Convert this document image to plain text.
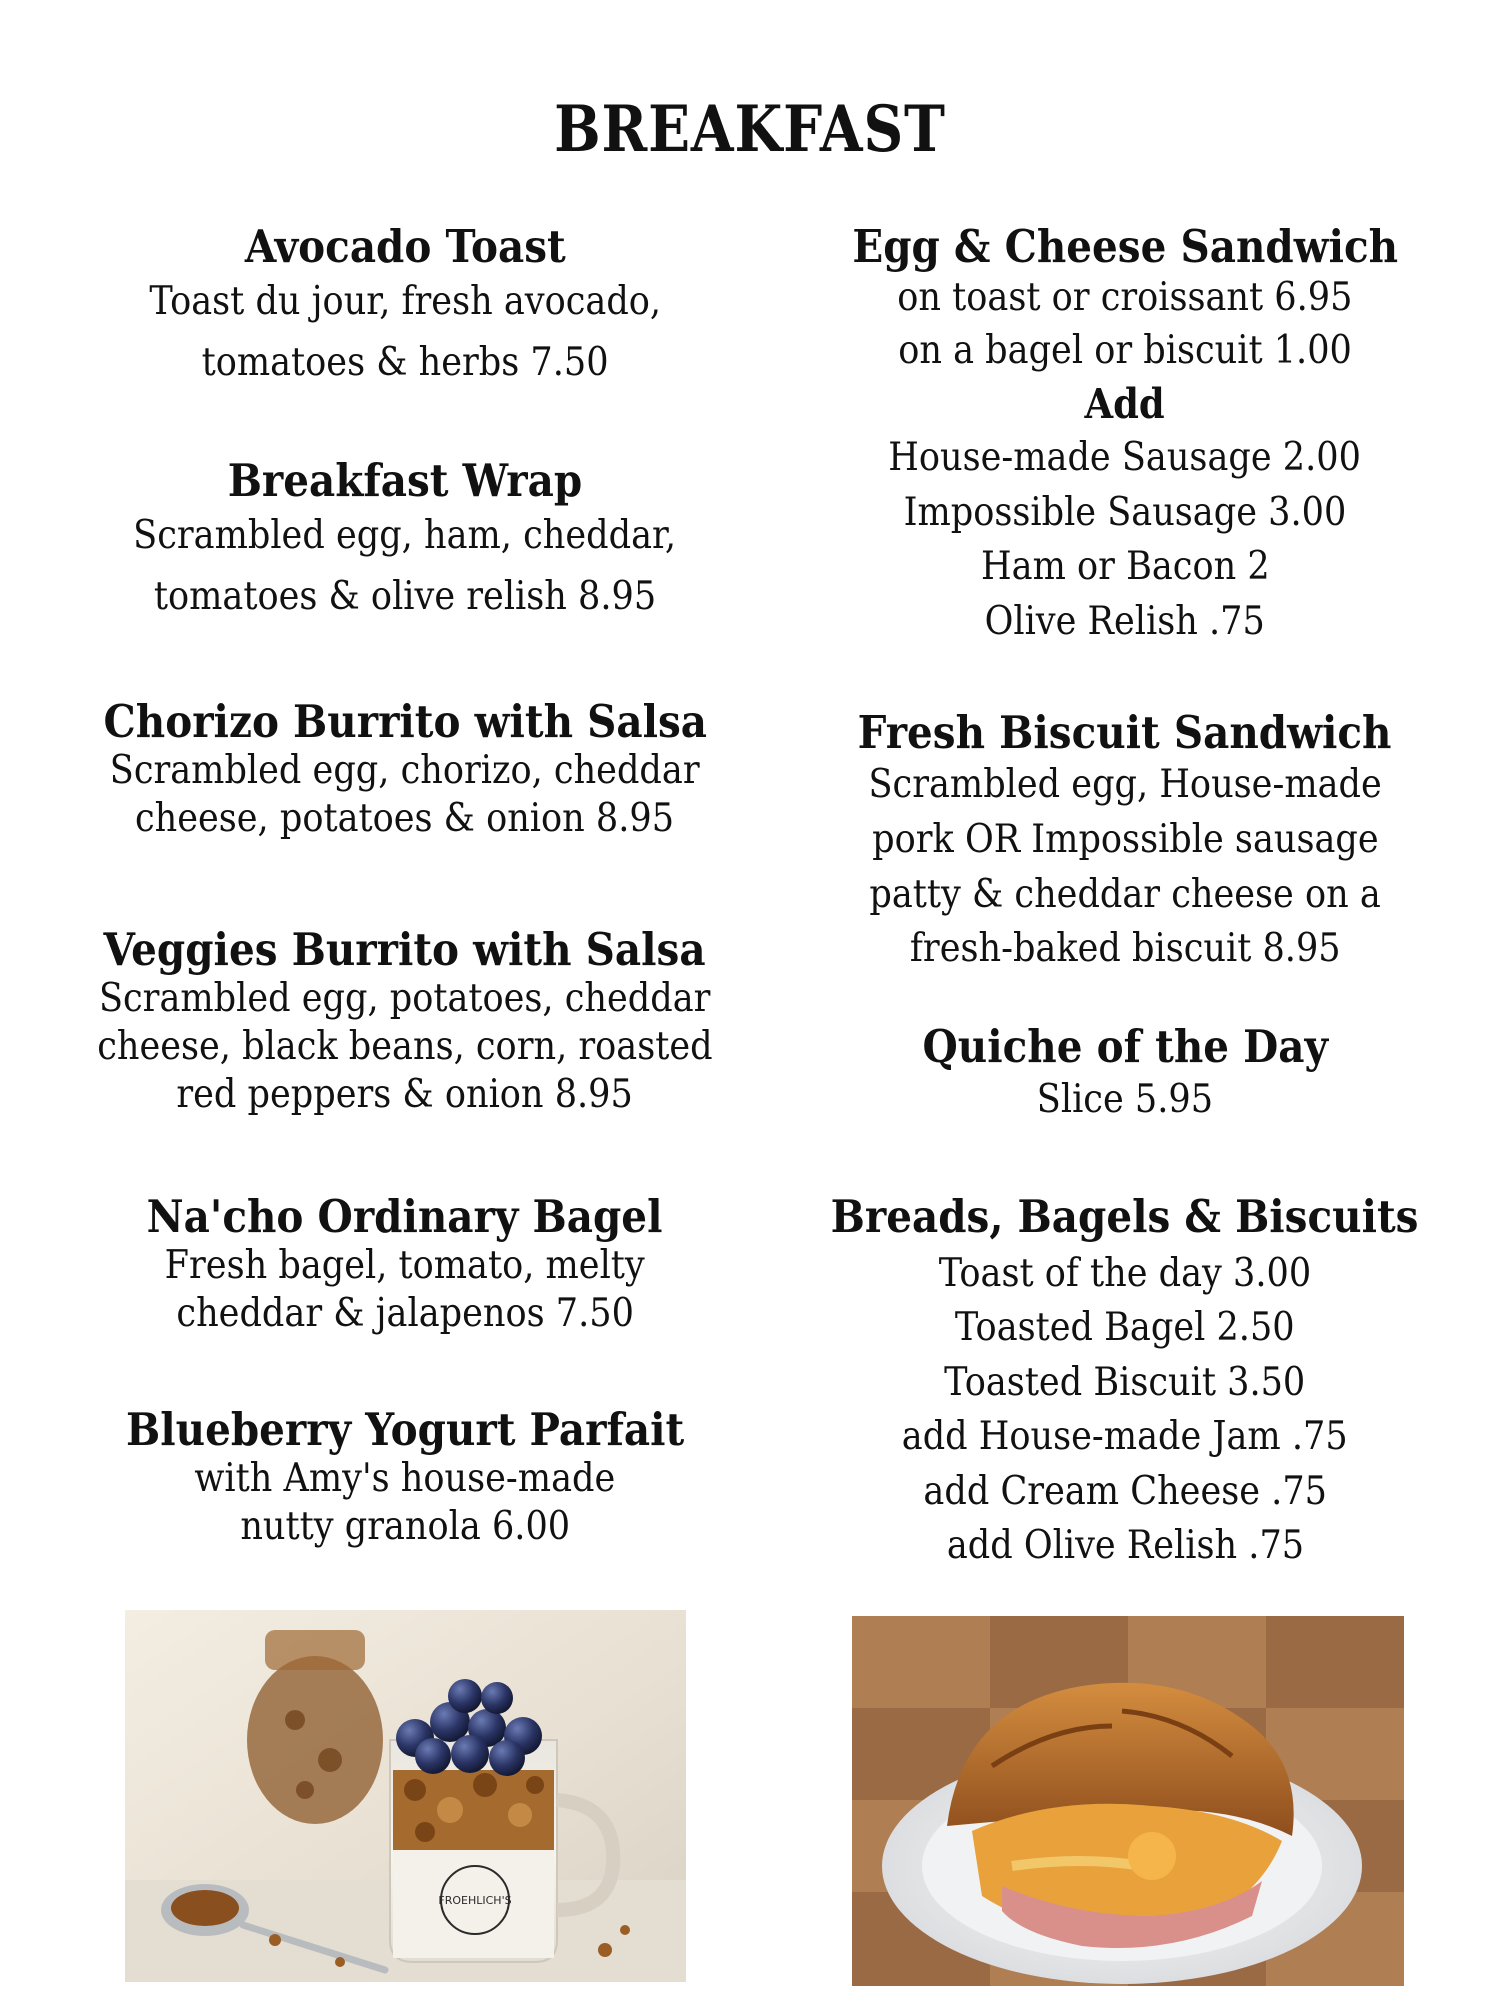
BREAKFAST
Avocado Toast
Toast du jour, fresh avocado,
tomatoes & herbs 7.50
Breakfast Wrap
Scrambled egg, ham, cheddar,
tomatoes & olive relish 8.95
Chorizo Burrito with Salsa
Scrambled egg, chorizo, cheddar
cheese, potatoes & onion 8.95
Veggies Burrito with Salsa
Scrambled egg, potatoes, cheddar
cheese, black beans, corn, roasted
red peppers & onion 8.95
Na'cho Ordinary Bagel
Fresh bagel, tomato, melty
cheddar & jalapenos 7.50
Blueberry Yogurt Parfait
with Amy's house-made
nutty granola 6.00
Egg & Cheese Sandwich
on toast or croissant 6.95
on a bagel or biscuit 1.00
Add
House-made Sausage 2.00
Impossible Sausage 3.00
Ham or Bacon 2
Olive Relish .75
Fresh Biscuit Sandwich
Scrambled egg, House-made
pork OR Impossible sausage
patty & cheddar cheese on a
fresh-baked biscuit 8.95
Quiche of the Day
Slice 5.95
Breads, Bagels & Biscuits
Toast of the day 3.00
Toasted Bagel 2.50
Toasted Biscuit 3.50
add House-made Jam .75
add Cream Cheese .75
add Olive Relish .75
FROEHLICH'S
